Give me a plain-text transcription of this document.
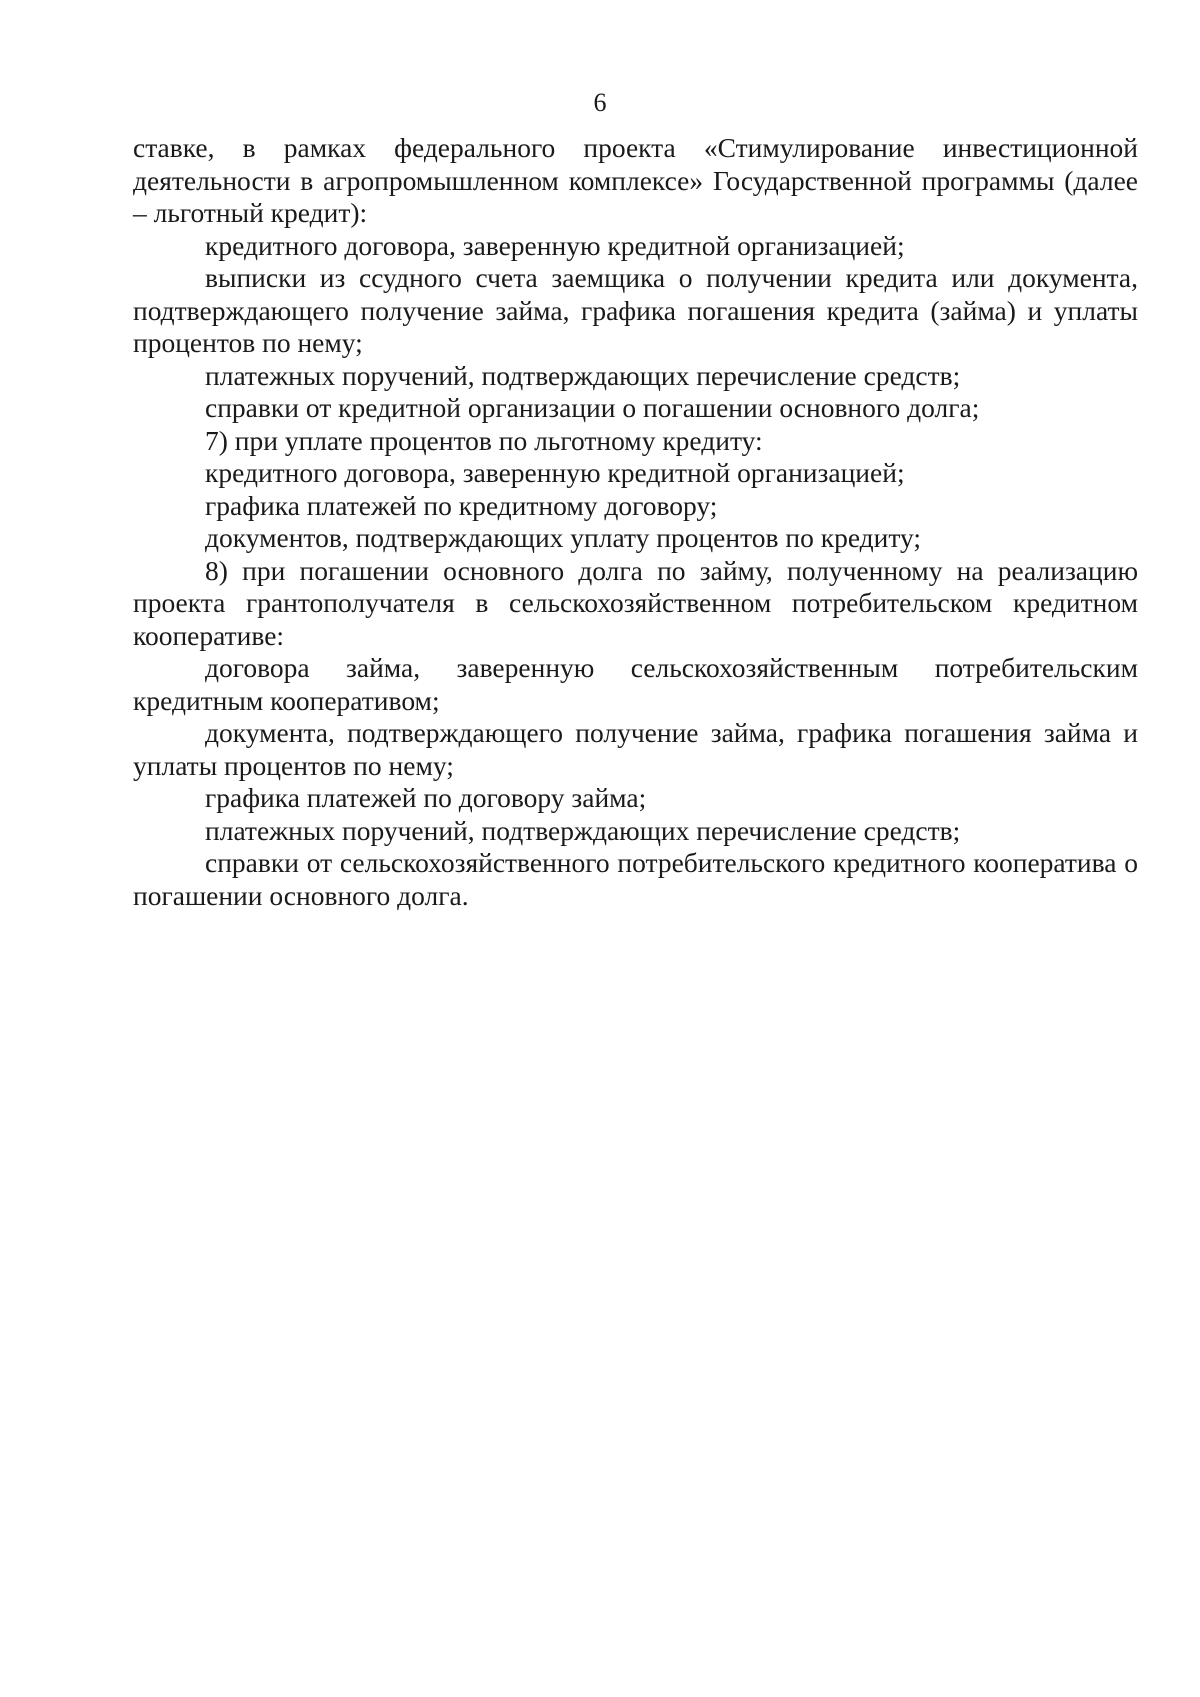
6

ставке, в рамках федерального проекта «Стимулирование инвестиционной деятельности в агропромышленном комплексе» Государственной программы (далее – льготный кредит):

кредитного договора, заверенную кредитной организацией;

выписки из ссудного счета заемщика о получении кредита или документа, подтверждающего получение займа, графика погашения кредита (займа) и уплаты процентов по нему;

платежных поручений, подтверждающих перечисление средств;

справки от кредитной организации о погашении основного долга;

7) при уплате процентов по льготному кредиту:

кредитного договора, заверенную кредитной организацией;

графика платежей по кредитному договору;

документов, подтверждающих уплату процентов по кредиту;

8) при погашении основного долга по займу, полученному на реализацию проекта грантополучателя в сельскохозяйственном потребительском кредитном кооперативе:

договора займа, заверенную сельскохозяйственным потребительским кредитным кооперативом;

документа, подтверждающего получение займа, графика погашения займа и уплаты процентов по нему;

графика платежей по договору займа;

платежных поручений, подтверждающих перечисление средств;

справки от сельскохозяйственного потребительского кредитного кооператива о погашении основного долга.
